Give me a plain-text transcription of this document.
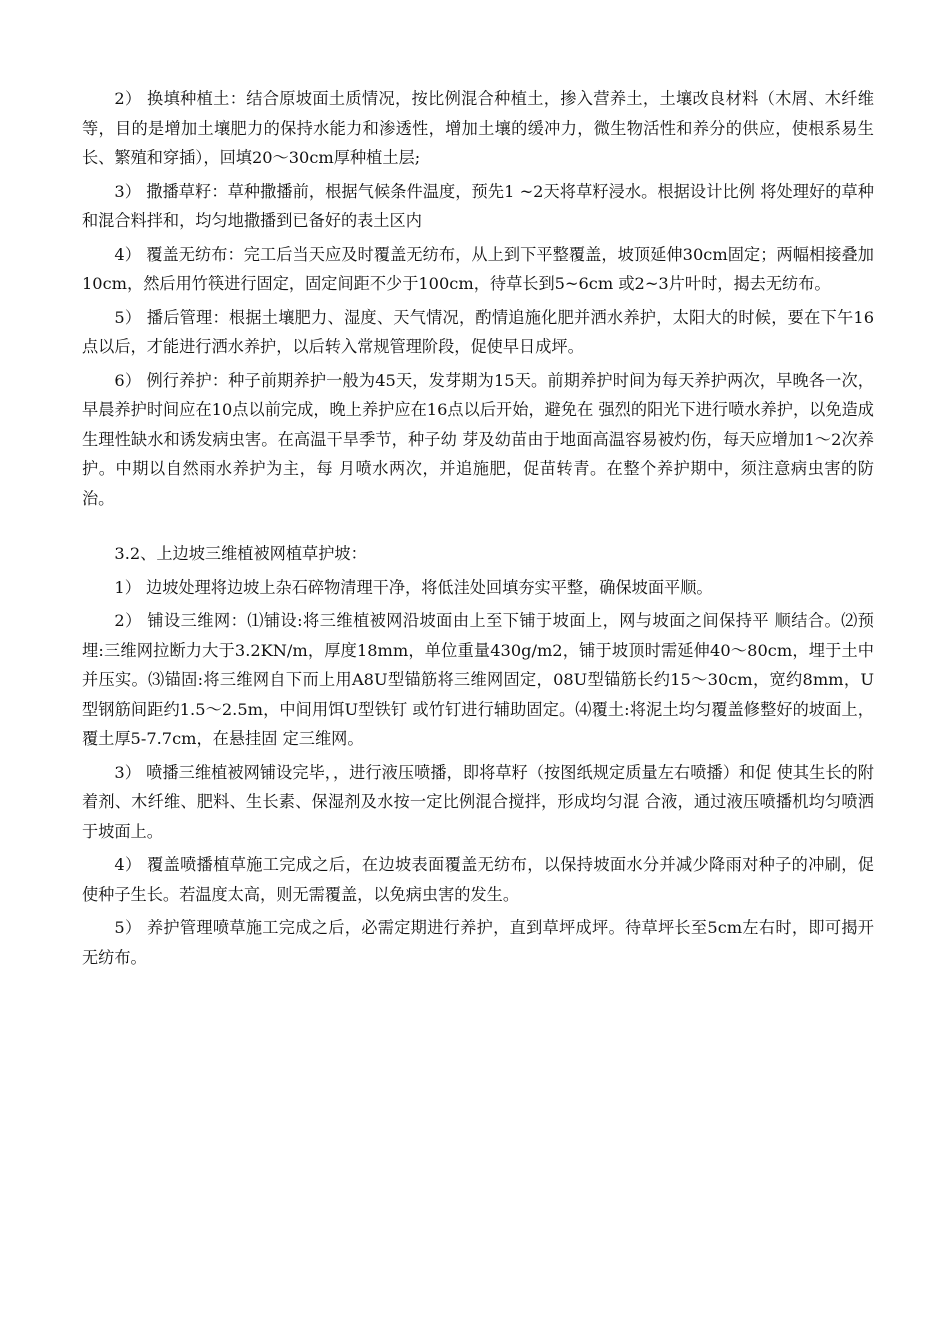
2） 换填种植土：结合原坡面土质情况，按比例混合种植土，掺入营养土，土壤改良材料（木屑、木纤维等，目的是增加土壤肥力的保持水能力和渗透性，增加土壤的缓冲力，微生物活性和养分的供应，使根系易生长、繁殖和穿插），回填20～30cm厚种植土层;

3） 撒播草籽：草种撒播前，根据气候条件温度，预先1 ~2天将草籽浸水。根据设计比例 将处理好的草种和混合料拌和，均匀地撒播到已备好的表土区内

4） 覆盖无纺布：完工后当天应及时覆盖无纺布，从上到下平整覆盖，坡顶延伸30cm固定；两幅相接叠加10cm，然后用竹筷进行固定，固定间距不少于100cm，待草长到5~6cm 或2~3片叶时，揭去无纺布。

5） 播后管理：根据土壤肥力、湿度、天气情况，酌情追施化肥并洒水养护，太阳大的时候，要在下午16点以后，才能进行洒水养护，以后转入常规管理阶段，促使早日成坪。

6） 例行养护：种子前期养护一般为45天，发芽期为15天。前期养护时间为每天养护两次，早晚各一次，早晨养护时间应在10点以前完成，晚上养护应在16点以后开始，避免在 强烈的阳光下进行喷水养护，以免造成生理性缺水和诱发病虫害。在高温干旱季节，种子幼 芽及幼苗由于地面高温容易被灼伤，每天应增加1～2次养护。中期以自然雨水养护为主，每 月喷水两次，并追施肥，促苗转青。在整个养护期中，须注意病虫害的防治。

3.2、上边坡三维植被网植草护坡：

1） 边坡处理将边坡上杂石碎物清理干净，将低洼处回填夯实平整，确保坡面平顺。

2） 铺设三维网：⑴铺设:将三维植被网沿坡面由上至下铺于坡面上，网与坡面之间保持平 顺结合。⑵预埋:三维网拉断力大于3.2KN/m，厚度18mm，单位重量430g/m2，铺于坡顶时需延伸40～80cm，埋于土中并压实。⑶锚固:将三维网自下而上用A8U型锚筋将三维网固定，08U型锚筋长约15～30cm，宽约8mm，U型钢筋间距约1.5～2.5m，中间用饵U型铁钉 或竹钉进行辅助固定。⑷覆土:将泥土均匀覆盖修整好的坡面上，覆土厚5-7.7cm，在悬挂固 定三维网。

3） 喷播三维植被网铺设完毕，，进行液压喷播，即将草籽（按图纸规定质量左右喷播）和促 使其生长的附着剂、木纤维、肥料、生长素、保湿剂及水按一定比例混合搅拌，形成均匀混 合液，通过液压喷播机均匀喷洒于坡面上。

4） 覆盖喷播植草施工完成之后，在边坡表面覆盖无纺布，以保持坡面水分并减少降雨对种子的冲刷，促使种子生长。若温度太高，则无需覆盖，以免病虫害的发生。

5） 养护管理喷草施工完成之后，必需定期进行养护，直到草坪成坪。待草坪长至5cm左右时，即可揭开无纺布。
